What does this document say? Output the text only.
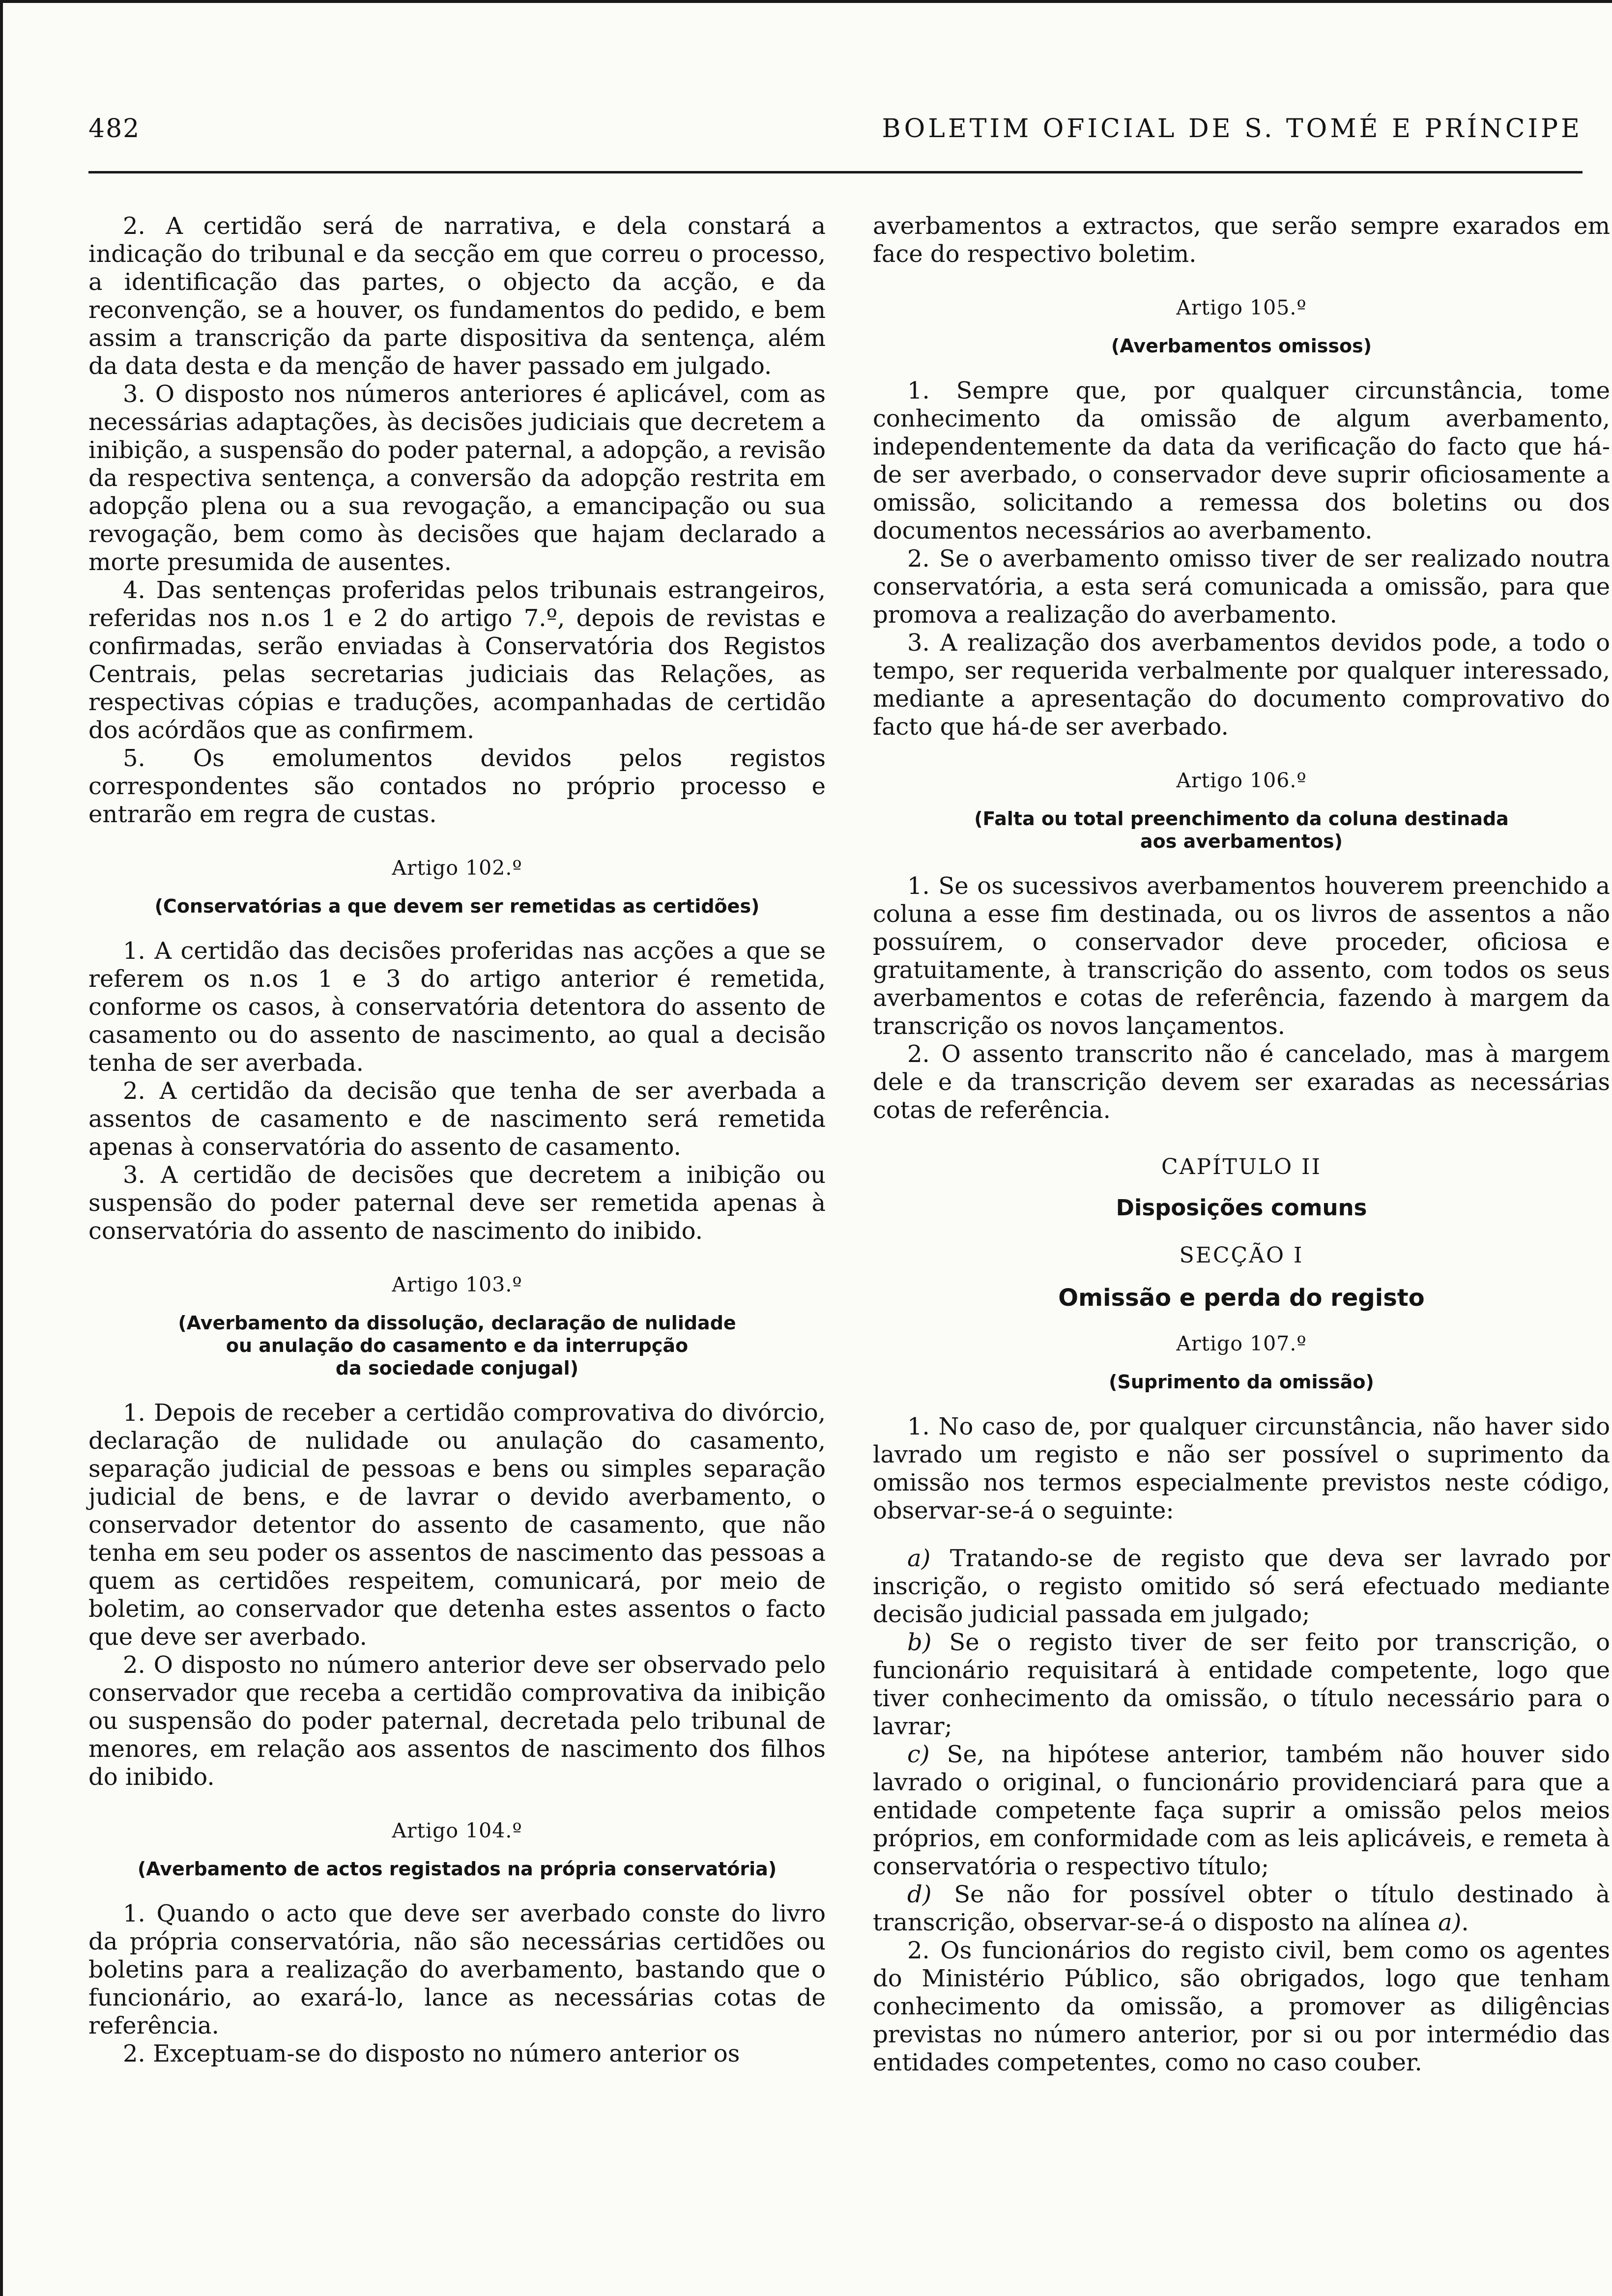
482	BOLETIM OFICIAL DE S. TOMÉ E PRÍNCIPE

2. A certidão será de narrativa, e dela constará a indicação do tribunal e da secção em que correu o processo, a identificação das partes, o objecto da acção, e da reconvenção, se a houver, os fundamentos do pedido, e bem assim a transcrição da parte dispositiva da sentença, além da data desta e da menção de haver passado em julgado.

3. O disposto nos números anteriores é aplicável, com as necessárias adaptações, às decisões judiciais que decretem a inibição, a suspensão do poder paternal, a adopção, a revisão da respectiva sentença, a conversão da adopção restrita em adopção plena ou a sua revogação, a emancipação ou sua revogação, bem como às decisões que hajam declarado a morte presumida de ausentes.

4. Das sentenças proferidas pelos tribunais estrangeiros, referidas nos n.os 1 e 2 do artigo 7.º, depois de revistas e confirmadas, serão enviadas à Conservatória dos Registos Centrais, pelas secretarias judiciais das Relações, as respectivas cópias e traduções, acompanhadas de certidão dos acórdãos que as confirmem.

5. Os emolumentos devidos pelos registos correspondentes são contados no próprio processo e entrarão em regra de custas.

Artigo 102.º
(Conservatórias a que devem ser remetidas as certidões)

1. A certidão das decisões proferidas nas acções a que se referem os n.os 1 e 3 do artigo anterior é remetida, conforme os casos, à conservatória detentora do assento de casamento ou do assento de nascimento, ao qual a decisão tenha de ser averbada.

2. A certidão da decisão que tenha de ser averbada a assentos de casamento e de nascimento será remetida apenas à conservatória do assento de casamento.

3. A certidão de decisões que decretem a inibição ou suspensão do poder paternal deve ser remetida apenas à conservatória do assento de nascimento do inibido.

Artigo 103.º
(Averbamento da dissolução, declaração de nulidade
ou anulação do casamento e da interrupção
da sociedade conjugal)

1. Depois de receber a certidão comprovativa do divórcio, declaração de nulidade ou anulação do casamento, separação judicial de pessoas e bens ou simples separação judicial de bens, e de lavrar o devido averbamento, o conservador detentor do assento de casamento, que não tenha em seu poder os assentos de nascimento das pessoas a quem as certidões respeitem, comunicará, por meio de boletim, ao conservador que detenha estes assentos o facto que deve ser averbado.

2. O disposto no número anterior deve ser observado pelo conservador que receba a certidão comprovativa da inibição ou suspensão do poder paternal, decretada pelo tribunal de menores, em relação aos assentos de nascimento dos filhos do inibido.

Artigo 104.º
(Averbamento de actos registados na própria conservatória)

1. Quando o acto que deve ser averbado conste do livro da própria conservatória, não são necessárias certidões ou boletins para a realização do averbamento, bastando que o funcionário, ao exará-lo, lance as necessárias cotas de referência.

2. Exceptuam-se do disposto no número anterior os

averbamentos a extractos, que serão sempre exarados em face do respectivo boletim.

Artigo 105.º
(Averbamentos omissos)

1. Sempre que, por qualquer circunstância, tome conhecimento da omissão de algum averbamento, independentemente da data da verificação do facto que há-de ser averbado, o conservador deve suprir oficiosamente a omissão, solicitando a remessa dos boletins ou dos documentos necessários ao averbamento.

2. Se o averbamento omisso tiver de ser realizado noutra conservatória, a esta será comunicada a omissão, para que promova a realização do averbamento.

3. A realização dos averbamentos devidos pode, a todo o tempo, ser requerida verbalmente por qualquer interessado, mediante a apresentação do documento comprovativo do facto que há-de ser averbado.

Artigo 106.º
(Falta ou total preenchimento da coluna destinada
aos averbamentos)

1. Se os sucessivos averbamentos houverem preenchido a coluna a esse fim destinada, ou os livros de assentos a não possuírem, o conservador deve proceder, oficiosa e gratuitamente, à transcrição do assento, com todos os seus averbamentos e cotas de referência, fazendo à margem da transcrição os novos lançamentos.

2. O assento transcrito não é cancelado, mas à margem dele e da transcrição devem ser exaradas as necessárias cotas de referência.

CAPÍTULO II
Disposições comuns
SECÇÃO I
Omissão e perda do registo
Artigo 107.º
(Suprimento da omissão)

1. No caso de, por qualquer circunstância, não haver sido lavrado um registo e não ser possível o suprimento da omissão nos termos especialmente previstos neste código, observar-se-á o seguinte:

a) Tratando-se de registo que deva ser lavrado por inscrição, o registo omitido só será efectuado mediante decisão judicial passada em julgado;

b) Se o registo tiver de ser feito por transcrição, o funcionário requisitará à entidade competente, logo que tiver conhecimento da omissão, o título necessário para o lavrar;

c) Se, na hipótese anterior, também não houver sido lavrado o original, o funcionário providenciará para que a entidade competente faça suprir a omissão pelos meios próprios, em conformidade com as leis aplicáveis, e remeta à conservatória o respectivo título;

d) Se não for possível obter o título destinado à transcrição, observar-se-á o disposto na alínea a).

2. Os funcionários do registo civil, bem como os agentes do Ministério Público, são obrigados, logo que tenham conhecimento da omissão, a promover as diligências previstas no número anterior, por si ou por intermédio das entidades competentes, como no caso couber.
